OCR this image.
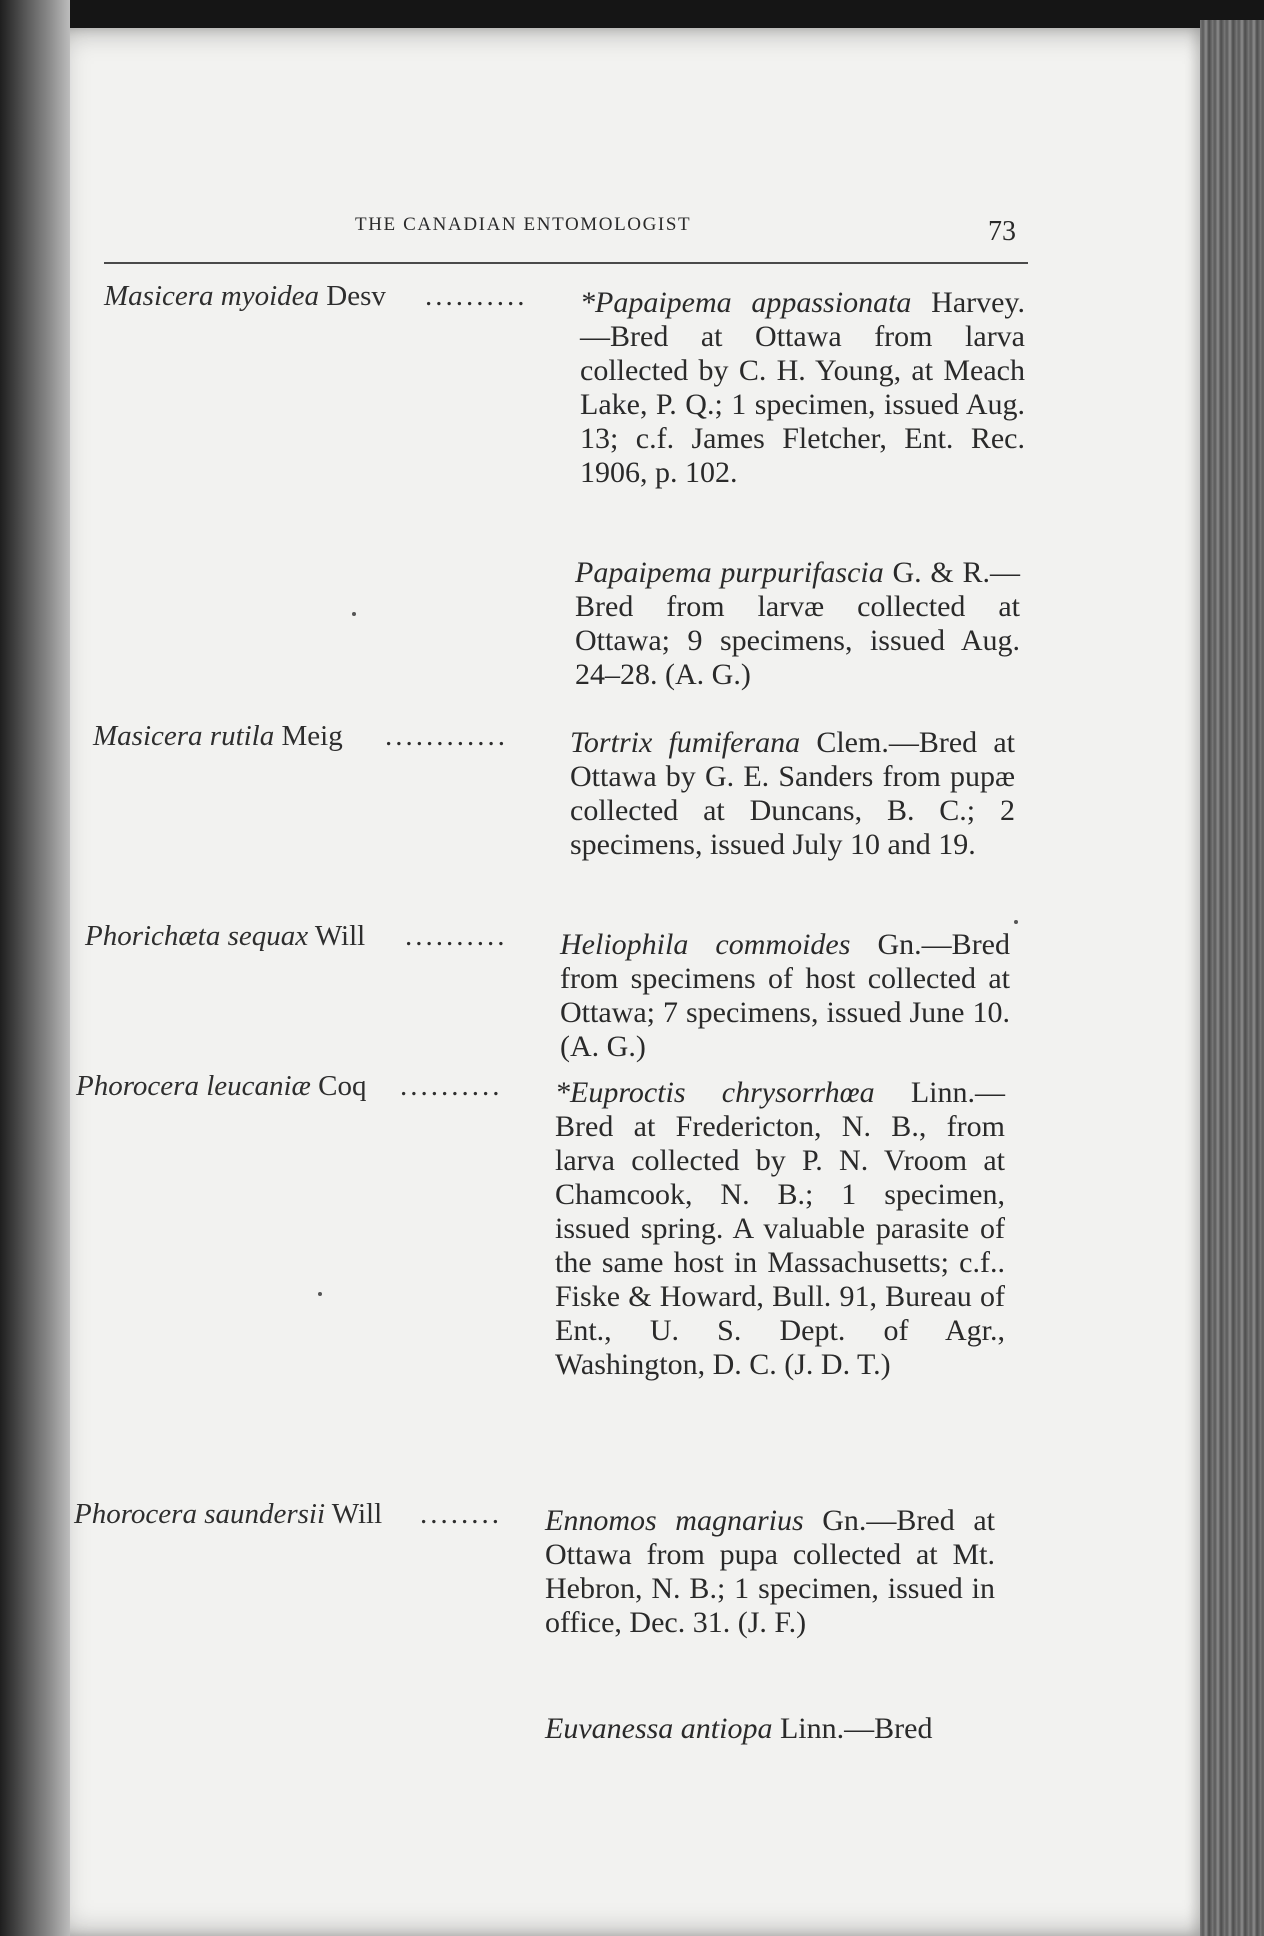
THE CANADIAN ENTOMOLOGIST	73
Masicera myoidea Desv ..........	*Papaipema appassionata Harvey.—Bred at Ottawa from larva collected by C. H. Young, at Meach Lake, P. Q.; 1 specimen, issued Aug. 13; c.f. James Fletcher, Ent. Rec. 1906, p. 102.
Papaipema purpurifascia G. & R.—Bred from larvæ collected at Ottawa; 9 specimens, issued Aug. 24–28. (A. G.)
Masicera rutila Meig ............	Tortrix fumiferana Clem.—Bred at Ottawa by G. E. Sanders from pupæ collected at Duncans, B. C.; 2 specimens, issued July 10 and 19.
Phorichæta sequax Will ..........	Heliophila commoides Gn.—Bred from specimens of host collected at Ottawa; 7 specimens, issued June 10. (A. G.)
Phorocera leucaniæ Coq ..........	*Euproctis chrysorrhœa Linn.—Bred at Fredericton, N. B., from larva collected by P. N. Vroom at Chamcook, N. B.; 1 specimen, issued spring. A valuable parasite of the same host in Massachusetts; c.f.. Fiske & Howard, Bull. 91, Bureau of Ent., U. S. Dept. of Agr., Washington, D. C. (J. D. T.)
Phorocera saundersii Will ........	Ennomos magnarius Gn.—Bred at Ottawa from pupa collected at Mt. Hebron, N. B.; 1 specimen, issued in office, Dec. 31. (J. F.)
Euvanessa antiopa Linn.—Bred
